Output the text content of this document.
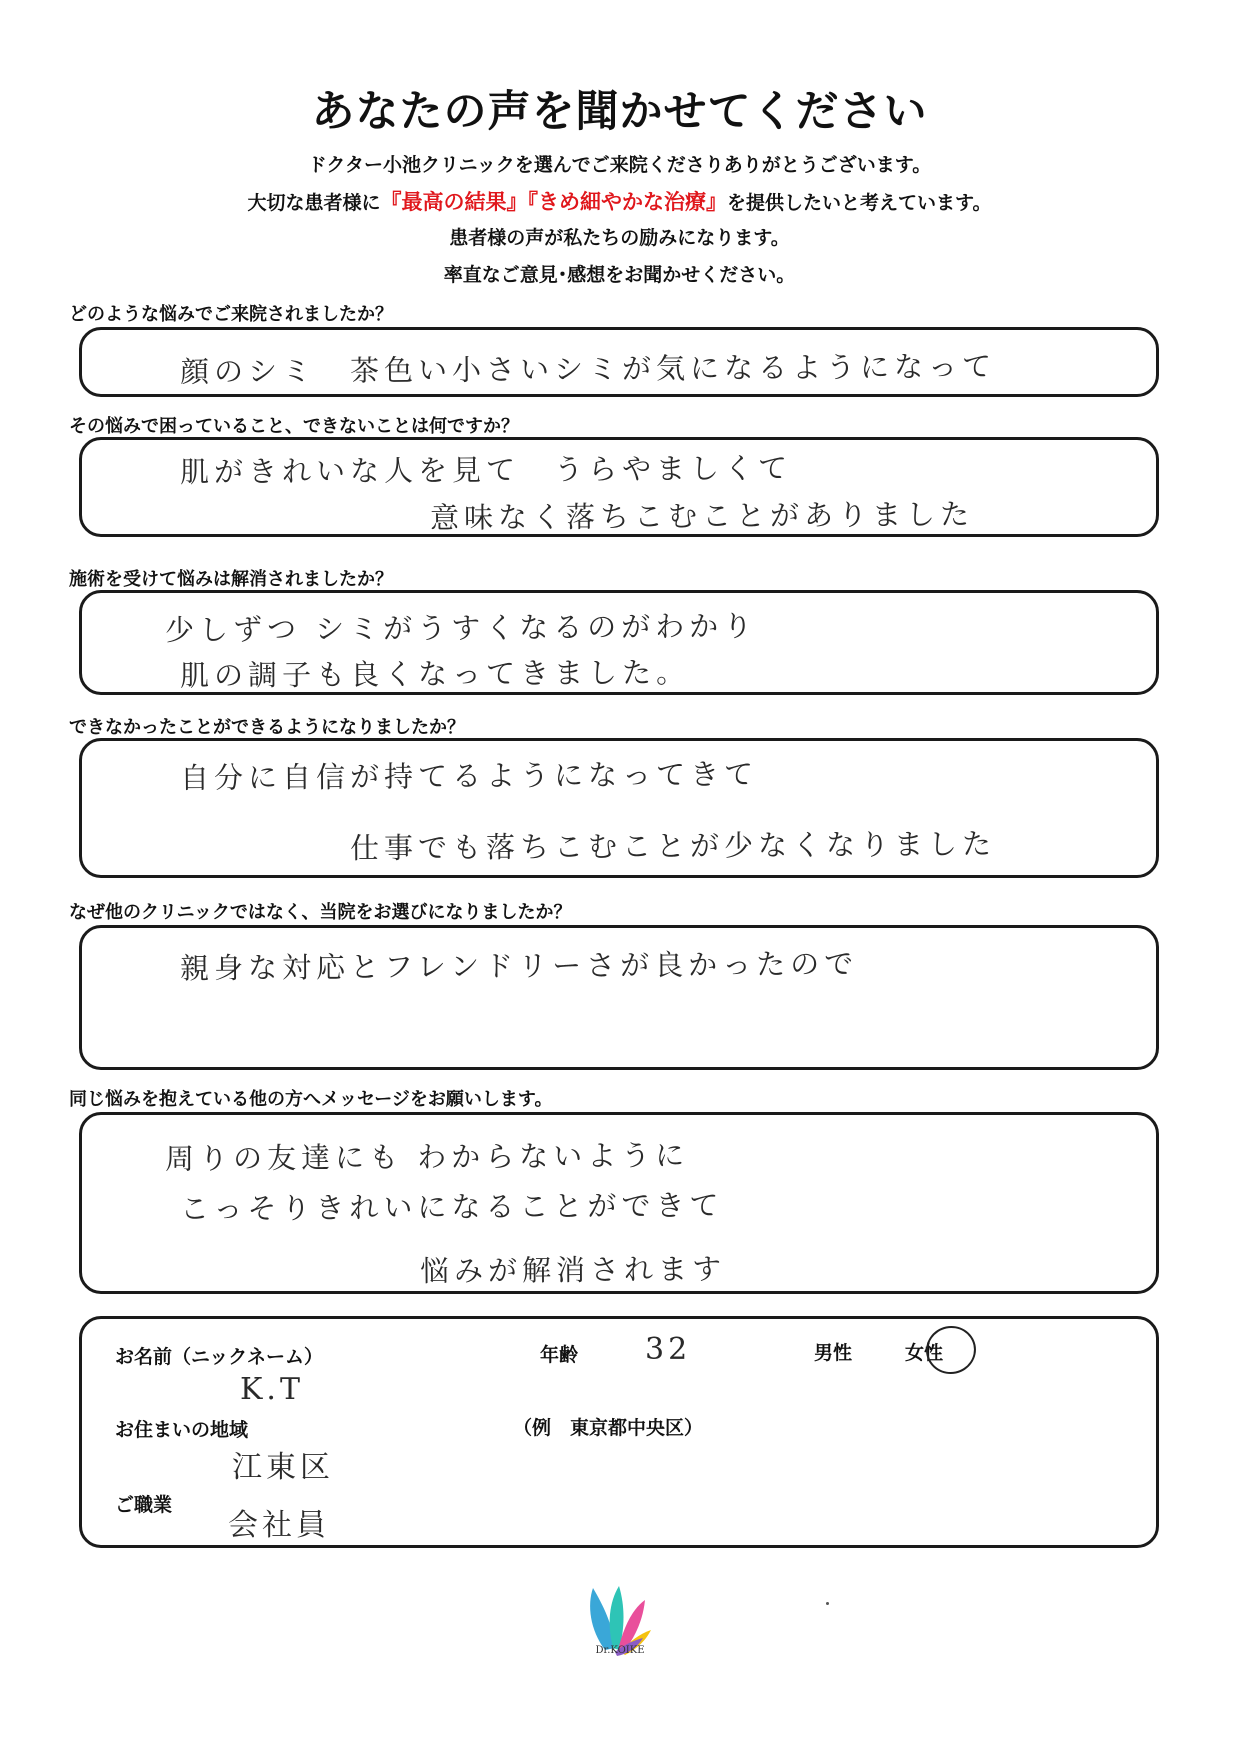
あなたの声を聞かせてください
ドクター小池クリニックを選んでご来院くださりありがとうございます。
大切な患者様に『最高の結果』『きめ細やかな治療』を提供したいと考えています。
患者様の声が私たちの励みになります。
率直なご意見･感想をお聞かせください。
どのような悩みでご来院されましたか？
顔のシミ　茶色い小さいシミが気になるようになって
その悩みで困っていること、できないことは何ですか？
肌がきれいな人を見て　うらやましくて
意味なく落ちこむことがありました
施術を受けて悩みは解消されましたか？
少しずつ シミがうすくなるのがわかり
肌の調子も良くなってきました。
できなかったことができるようになりましたか？
自分に自信が持てるようになってきて
仕事でも落ちこむことが少なくなりました
なぜ他のクリニックではなく、当院をお選びになりましたか？
親身な対応とフレンドリーさが良かったので
同じ悩みを抱えている他の方へメッセージをお願いします。
周りの友達にも わからないように
こっそりきれいになることができて
悩みが解消されます
お名前（ニックネーム）
K.T
年齢 32	男性	女性
お住まいの地域	（例　東京都中央区）
江東区
ご職業
会社員
Dr.KOIKE
